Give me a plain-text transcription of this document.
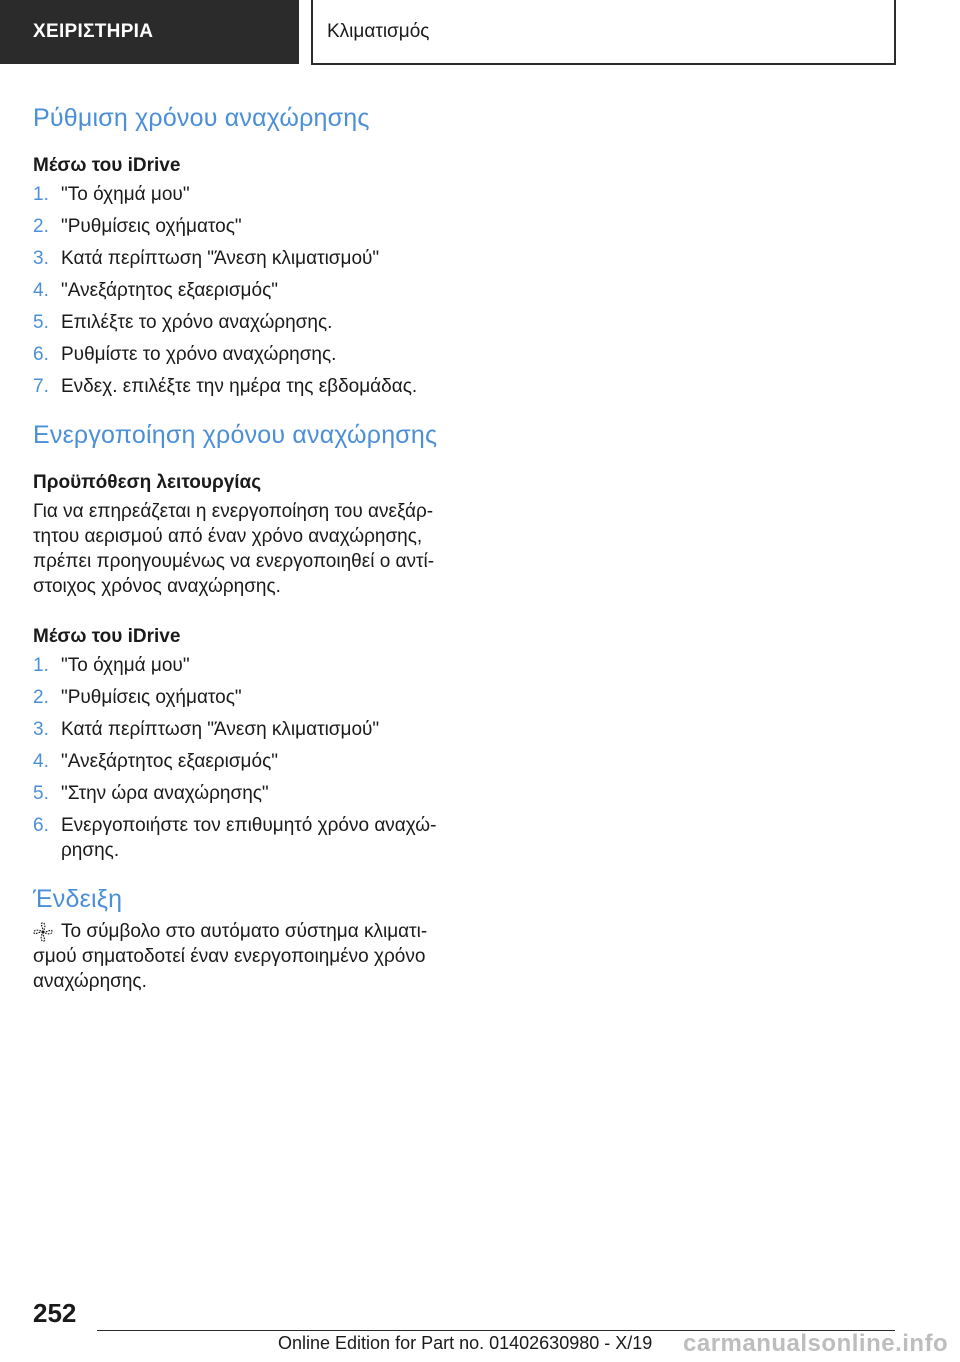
ΧΕΙΡΙΣΤΗΡΙΑ	Κλιματισμός
Ρύθμιση χρόνου αναχώρησης
Μέσω του iDrive
1. "Το όχημά μου"
2. "Ρυθμίσεις οχήματος"
3. Κατά περίπτωση "Άνεση κλιματισμού"
4. "Ανεξάρτητος εξαερισμός"
5. Επιλέξτε το χρόνο αναχώρησης.
6. Ρυθμίστε το χρόνο αναχώρησης.
7. Ενδεχ. επιλέξτε την ημέρα της εβδομάδας.
Ενεργοποίηση χρόνου αναχώρησης
Προϋπόθεση λειτουργίας

Για να επηρεάζεται η ενεργοποίηση του ανεξάρ-τητου αερισμού από έναν χρόνο αναχώρησης, πρέπει προηγουμένως να ενεργοποιηθεί ο αντί-στοιχος χρόνος αναχώρησης.

Μέσω του iDrive
1. "Το όχημά μου"
2. "Ρυθμίσεις οχήματος"
3. Κατά περίπτωση "Άνεση κλιματισμού"
4. "Ανεξάρτητος εξαερισμός"
5. "Στην ώρα αναχώρησης"
6. Ενεργοποιήστε τον επιθυμητό χρόνο αναχώ-ρησης.
Ένδειξη

Το σύμβολο στο αυτόματο σύστημα κλιματι-σμού σηματοδοτεί έναν ενεργοποιημένο χρόνο αναχώρησης.

252
Online Edition for Part no. 01402630980 - X/19 carmanualsonline.info
